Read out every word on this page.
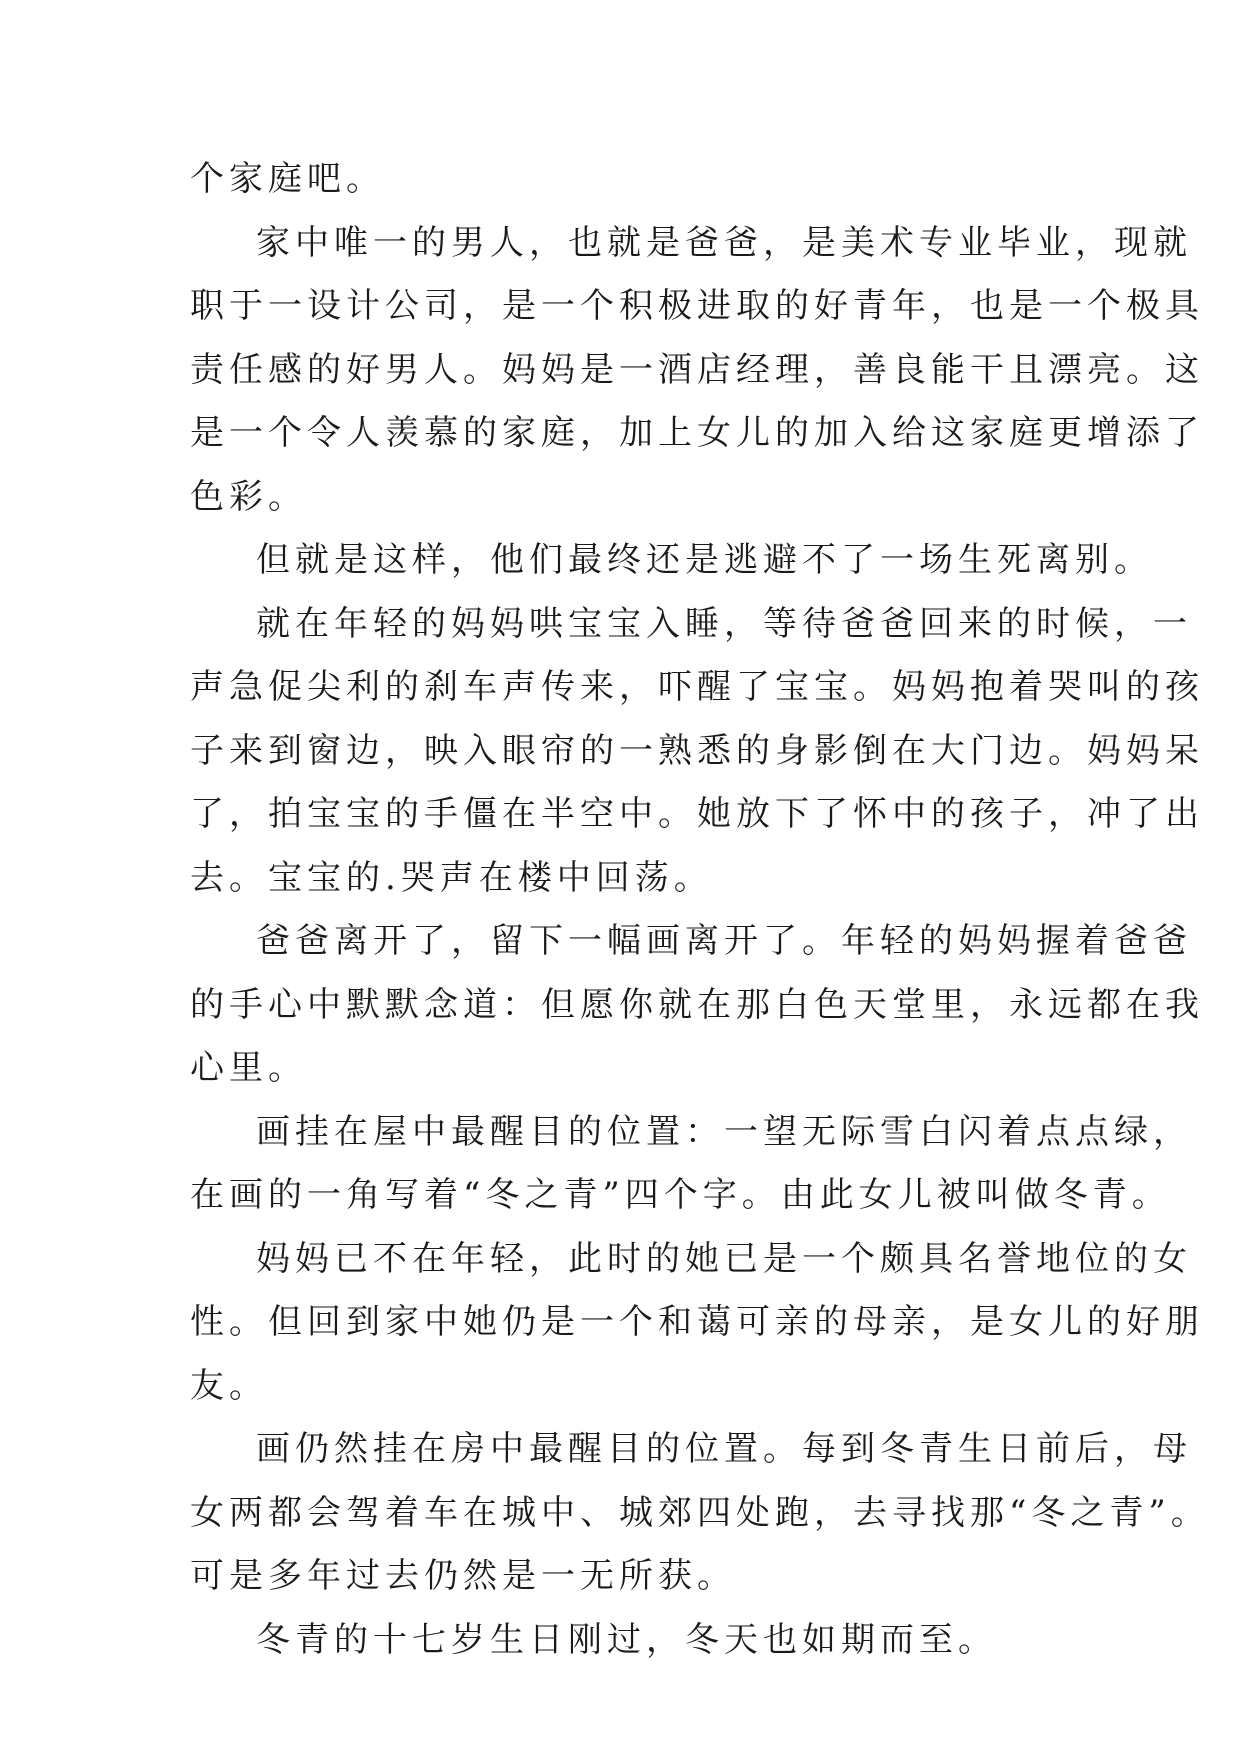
个家庭吧。
家中唯一的男人，也就是爸爸，是美术专业毕业，现就
职于一设计公司，是一个积极进取的好青年，也是一个极具
责任感的好男人。妈妈是一酒店经理，善良能干且漂亮。这
是一个令人羡慕的家庭，加上女儿的加入给这家庭更增添了
色彩。
但就是这样，他们最终还是逃避不了一场生死离别。
就在年轻的妈妈哄宝宝入睡，等待爸爸回来的时候，一
声急促尖利的刹车声传来，吓醒了宝宝。妈妈抱着哭叫的孩
子来到窗边，映入眼帘的一熟悉的身影倒在大门边。妈妈呆
了，拍宝宝的手僵在半空中。她放下了怀中的孩子，冲了出
去。宝宝的.哭声在楼中回荡。
爸爸离开了，留下一幅画离开了。年轻的妈妈握着爸爸
的手心中默默念道：但愿你就在那白色天堂里，永远都在我
心里。
画挂在屋中最醒目的位置：一望无际雪白闪着点点绿，
在画的一角写着“冬之青”四个字。由此女儿被叫做冬青。
妈妈已不在年轻，此时的她已是一个颇具名誉地位的女
性。但回到家中她仍是一个和蔼可亲的母亲，是女儿的好朋
友。
画仍然挂在房中最醒目的位置。每到冬青生日前后，母
女两都会驾着车在城中、城郊四处跑，去寻找那“冬之青”。
可是多年过去仍然是一无所获。
冬青的十七岁生日刚过，冬天也如期而至。
